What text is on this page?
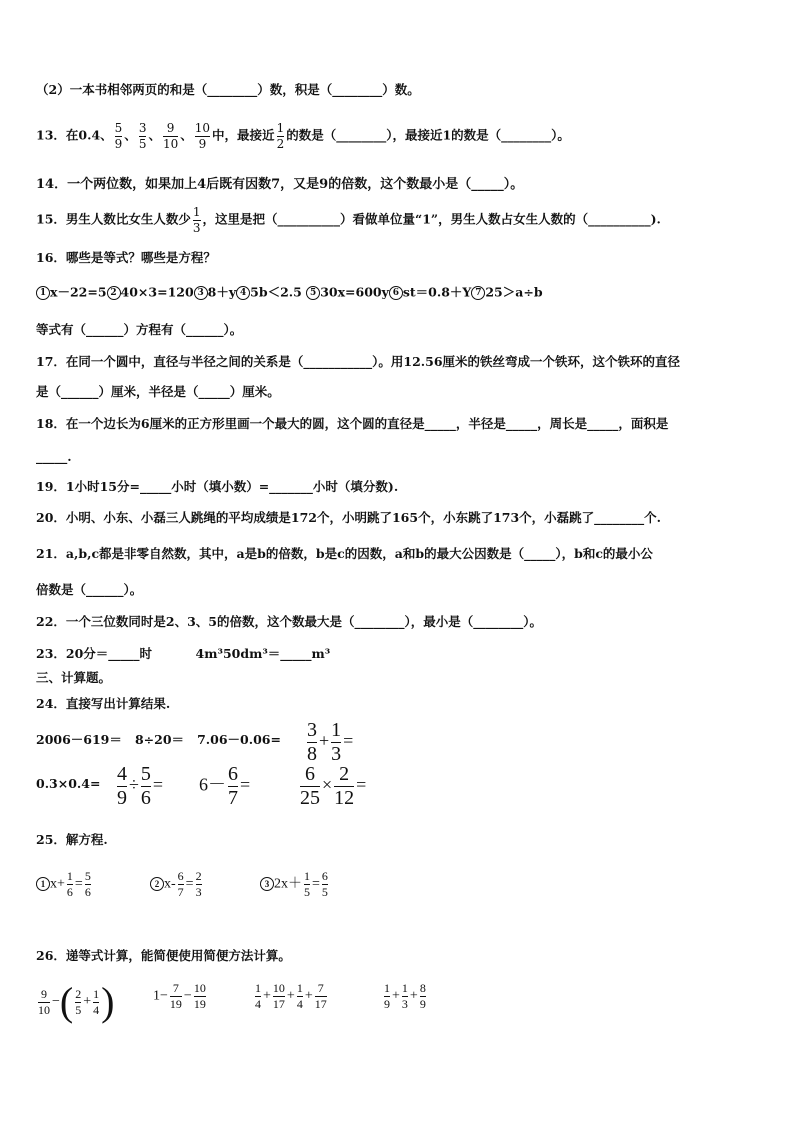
（2）一本书相邻两页的和是（________）数，积是（________）数。
13．在0.4、 $\frac{5}{9}$ 、 $\frac{3}{5}$ 、 $\frac{9}{10}$ 、 $\frac{10}{9}$ 中，最接近 $\frac{1}{2}$ 的数是（________），最接近1的数是（________）。
14．一个两位数，如果加上4后既有因数7，又是9的倍数，这个数最小是（_____）。
15．男生人数比女生人数少 $\frac{1}{3}$ ，这里是把（__________）看做单位量“1”，男生人数占女生人数的（__________).
16．哪些是等式？哪些是方程？
1 x－22=5 2 40×3=120 3 8＋y 4 5b＜2.5 5 30x=600y 6 st＝0.8＋Y 7 25＞a÷b
等式有（______）方程有（______）。
17．在同一个圆中，直径与半径之间的关系是（___________）。用12.56厘米的铁丝弯成一个铁环，这个铁环的直径
是（______）厘米，半径是（_____）厘米。
18．在一个边长为6厘米的正方形里画一个最大的圆，这个圆的直径是_____，半径是_____，周长是_____，面积是
_____.
19．1小时15分=_____小时（填小数）=_______小时（填分数).
20．小明、小东、小磊三人跳绳的平均成绩是172个，小明跳了165个，小东跳了173个，小磊跳了________个.
21．a,b,c都是非零自然数，其中，a是b的倍数，b是c的因数，a和b的最大公因数是（_____），b和c的最小公
倍数是（______）。
22．一个三位数同时是2、3、5的倍数，这个数最大是（________），最小是（________）。
23．20分＝_____时          4m³50dm³＝_____m³
三、计算题。
24．直接写出计算结果.
$2006-619= 8\div 20= 7.06-0.06= \frac{3}{8} + \frac{1}{3}$ =
$0.3\times 0.4= \frac{4}{9} \div \frac{5}{6} = 6- \frac{6}{7} = \frac{6}{25} \times \frac{2}{12}$ =
25．解方程.
1 $x+ \frac{1}{6} = \frac{5}{6}$	2 $x- \frac{6}{7} = \frac{2}{3}$	3 $2x+ \frac{1}{5} = \frac{6}{5}$
26．递等式计算，能简便使用简便方法计算。
$\frac{9}{10}$ −( $\frac{2}{5} + \frac{1}{4}$ )	$1- \frac{7}{19} - \frac{10}{19}$	$\frac{1}{4} + \frac{10}{17} + \frac{1}{4} + \frac{7}{17}$	$\frac{1}{9} + \frac{1}{3} + \frac{8}{9}$
